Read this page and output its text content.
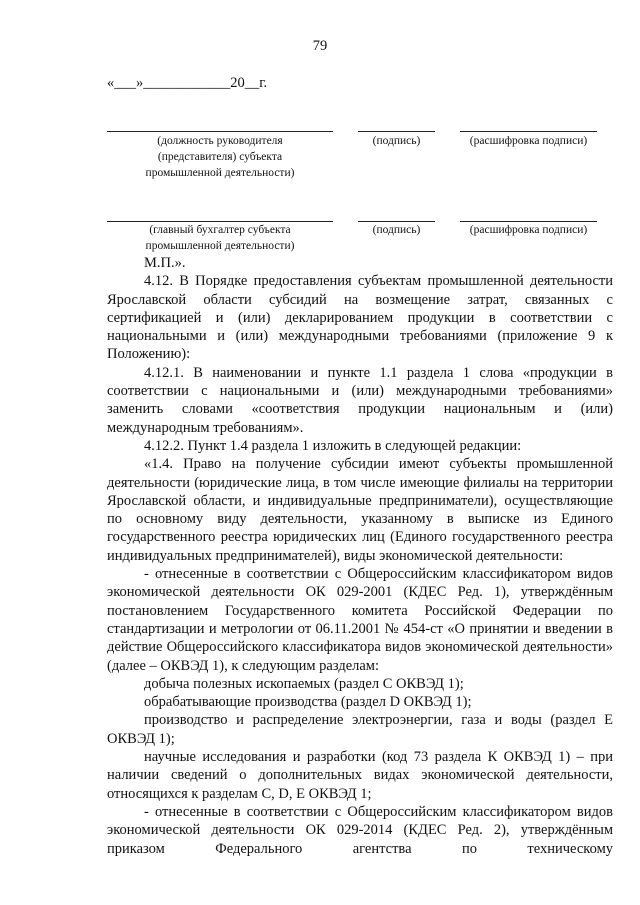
79
«___»____________20__г.
(должность руководителя
(представителя) субъекта
промышленной деятельности)
(подпись)	(расшифровка подписи)
(главный бухгалтер субъекта
промышленной деятельности)
(подпись)	(расшифровка подписи)

М.П.».

4.12. В Порядке предоставления субъектам промышленной деятельности Ярославской области субсидий на возмещение затрат, связанных с сертификацией и (или) декларированием продукции в соответствии с национальными и (или) международными требованиями (приложение 9 к Положению):

4.12.1. В наименовании и пункте 1.1 раздела 1 слова «продукции в соответствии с национальными и (или) международными требованиями» заменить словами «соответствия продукции национальным и (или) международным требованиям».

4.12.2. Пункт 1.4 раздела 1 изложить в следующей редакции:

«1.4. Право на получение субсидии имеют субъекты промышленной деятельности (юридические лица, в том числе имеющие филиалы на территории Ярославской области, и индивидуальные предприниматели), осуществляющие по основному виду деятельности, указанному в выписке из Единого государственного реестра юридических лиц (Единого государственного реестра индивидуальных предпринимателей), виды экономической деятельности:

- отнесенные в соответствии с Общероссийским классификатором видов экономической деятельности ОК 029-2001 (КДЕС Ред. 1), утверждённым постановлением Государственного комитета Российской Федерации по стандартизации и метрологии от 06.11.2001 № 454-ст «О принятии и введении в действие Общероссийского классификатора видов экономической деятельности» (далее – ОКВЭД 1), к следующим разделам:

добыча полезных ископаемых (раздел С ОКВЭД 1);

обрабатывающие производства (раздел D ОКВЭД 1);

производство и распределение электроэнергии, газа и воды (раздел Е ОКВЭД 1);

научные исследования и разработки (код 73 раздела К ОКВЭД 1) – при наличии сведений о дополнительных видах экономической деятельности, относящихся к разделам С, D, Е ОКВЭД 1;

- отнесенные в соответствии с Общероссийским классификатором видов экономической деятельности ОК 029-2014 (КДЕС Ред. 2), утверждённым приказом Федерального агентства по техническому
